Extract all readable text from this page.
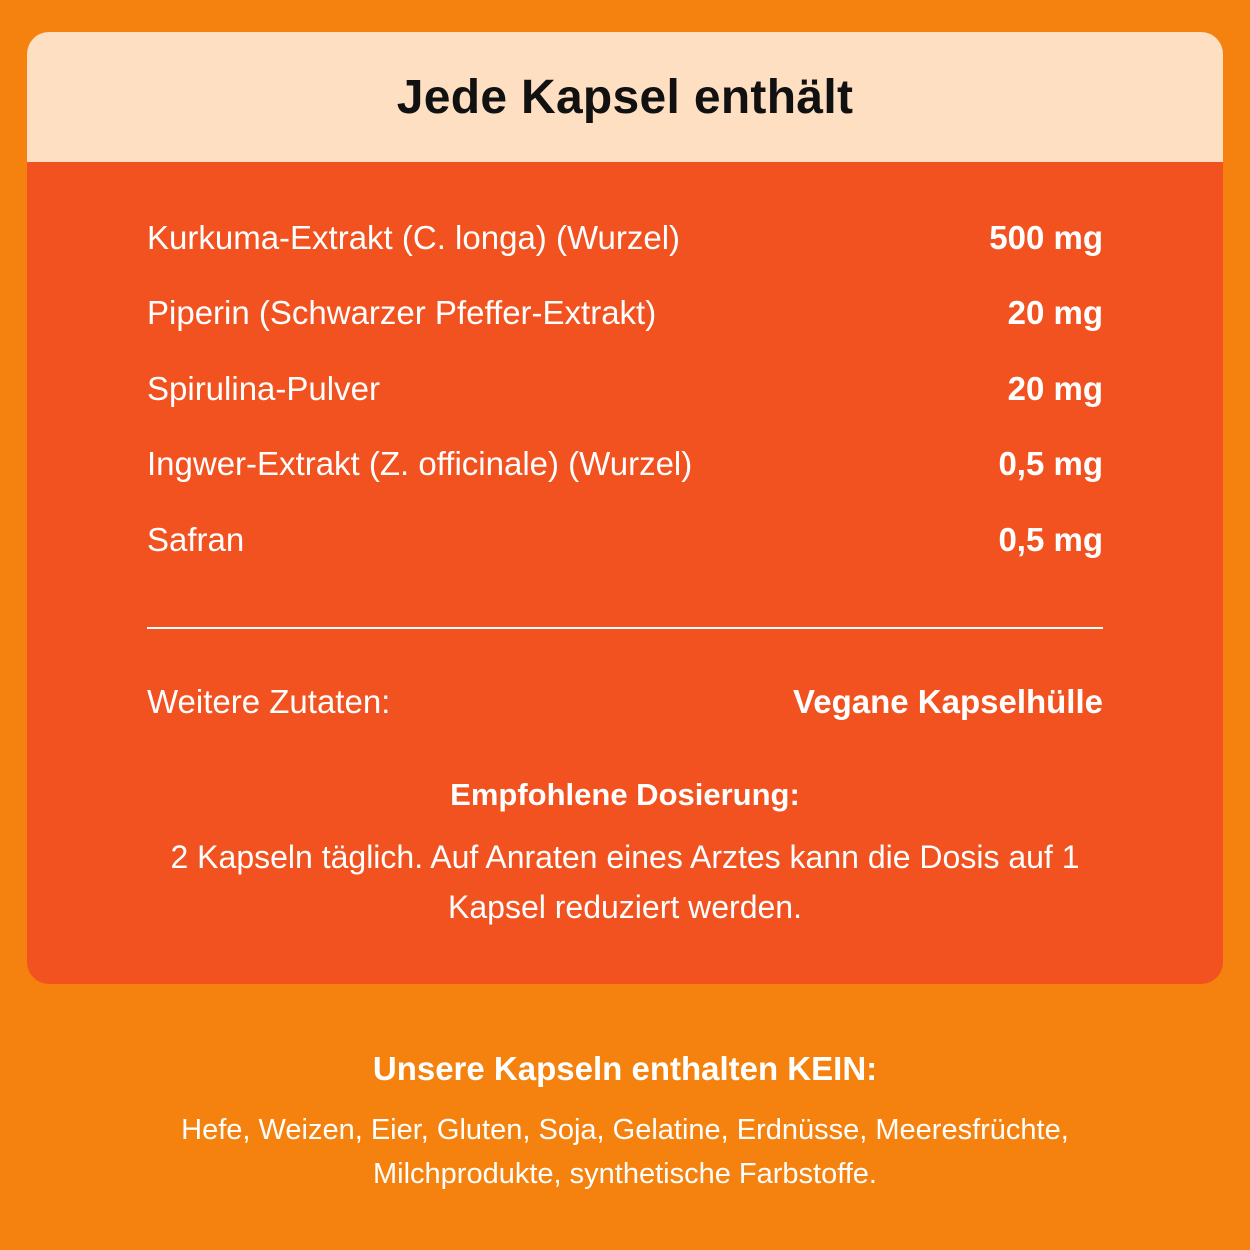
Jede Kapsel enthält
Kurkuma-Extrakt (C. longa) (Wurzel)	500 mg
Piperin (Schwarzer Pfeffer-Extrakt)	20 mg
Spirulina-Pulver	20 mg
Ingwer-Extrakt (Z. officinale) (Wurzel)	0,5 mg
Safran	0,5 mg
Weitere Zutaten:	Vegane Kapselhülle
Empfohlene Dosierung:

2 Kapseln täglich. Auf Anraten eines Arztes kann die Dosis auf 1 Kapsel reduziert werden.

Unsere Kapseln enthalten KEIN:

Hefe, Weizen, Eier, Gluten, Soja, Gelatine, Erdnüsse, Meeresfrüchte, Milchprodukte, synthetische Farbstoffe.
